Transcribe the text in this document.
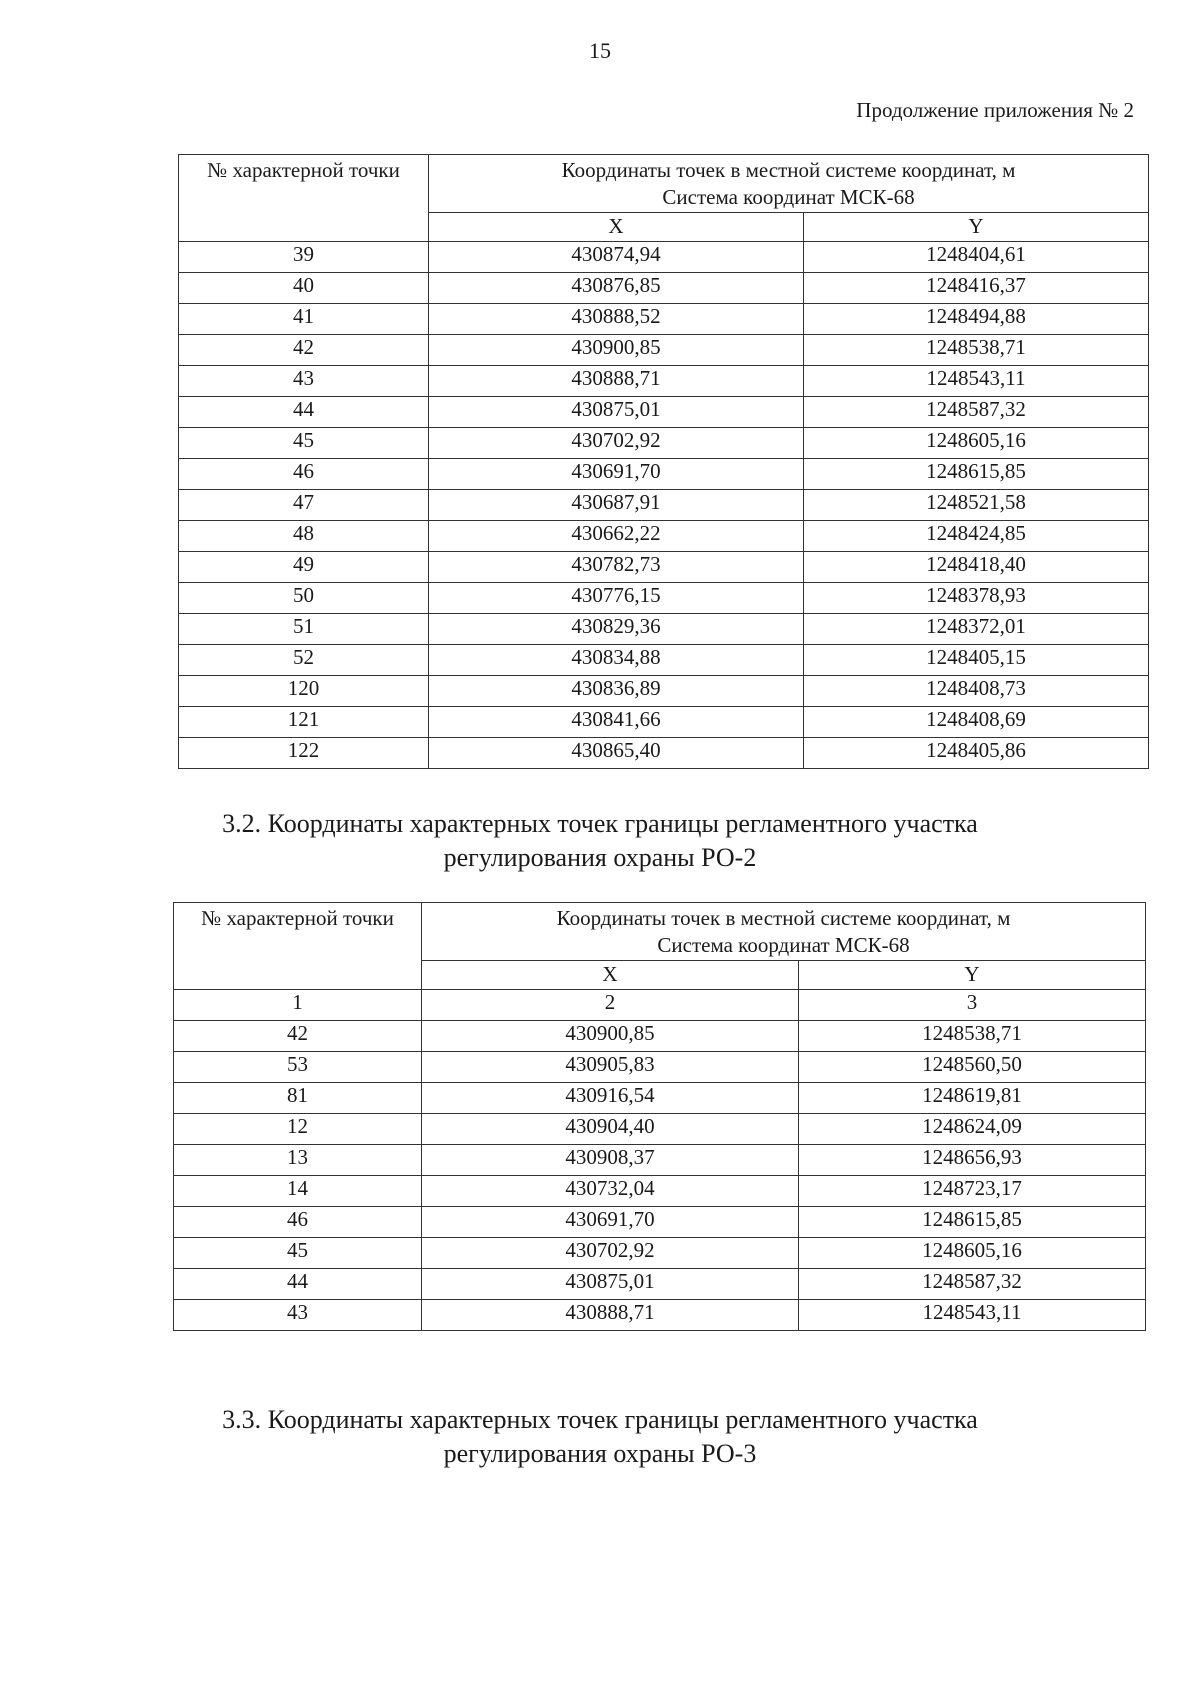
15
Продолжение приложения № 2
№ характерной точки	Координаты точек в местной системе координат, м
Система координат МСК-68	

	X	Y
39	430874,94	1248404,61
40	430876,85	1248416,37
41	430888,52	1248494,88
42	430900,85	1248538,71
43	430888,71	1248543,11
44	430875,01	1248587,32
45	430702,92	1248605,16
46	430691,70	1248615,85
47	430687,91	1248521,58
48	430662,22	1248424,85
49	430782,73	1248418,40
50	430776,15	1248378,93
51	430829,36	1248372,01
52	430834,88	1248405,15
120	430836,89	1248408,73
121	430841,66	1248408,69
122	430865,40	1248405,86
3.2. Координаты характерных точек границы регламентного участка
регулирования охраны РО-2
№ характерной точки	Координаты точек в местной системе координат, м
Система координат МСК-68	

	X	Y
1	2	3
42	430900,85	1248538,71
53	430905,83	1248560,50
81	430916,54	1248619,81
12	430904,40	1248624,09
13	430908,37	1248656,93
14	430732,04	1248723,17
46	430691,70	1248615,85
45	430702,92	1248605,16
44	430875,01	1248587,32
43	430888,71	1248543,11
3.3. Координаты характерных точек границы регламентного участка
регулирования охраны РО-3
